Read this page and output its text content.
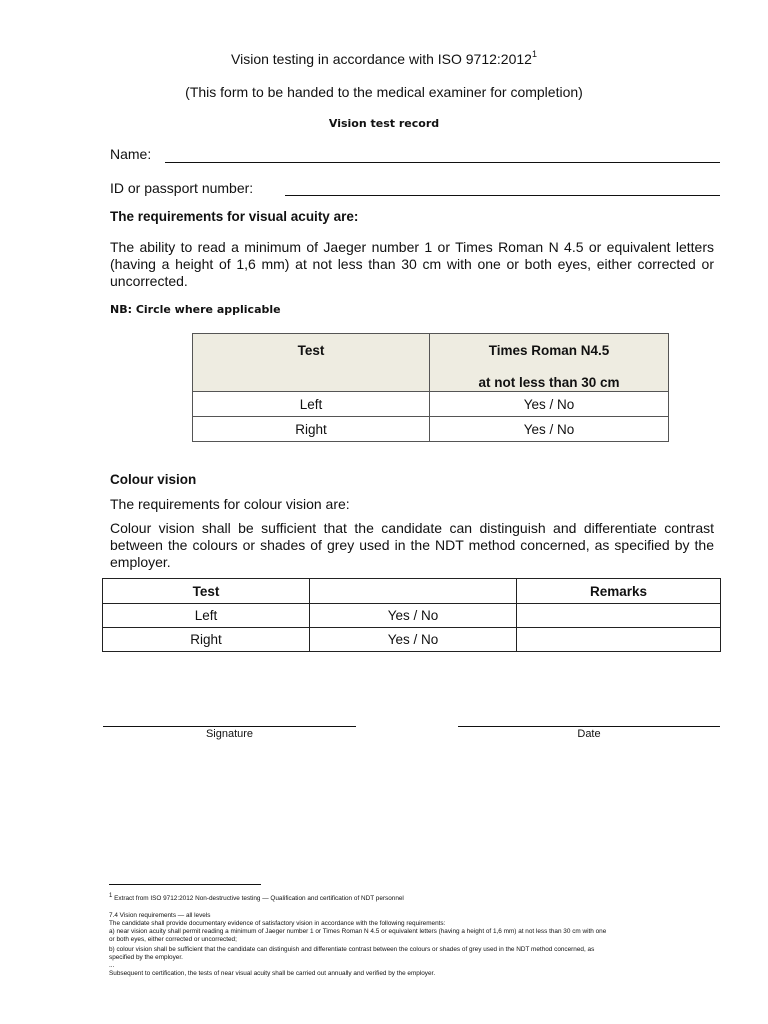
Vision testing in accordance with ISO 9712:2012$^1$
(This form to be handed to the medical examiner for completion)
Vision test record
Name:
ID or passport number:
The requirements for visual acuity are:
The ability to read a minimum of Jaeger number 1 or Times Roman N 4.5 or equivalent letters (having a height of 1,6 mm) at not less than 30 cm with one or both eyes, either corrected or uncorrected.
NB: Circle where applicable
Test	Times Roman N4.5
at not less than 30 cm

Left	Yes / No
Right	Yes / No
Colour vision
The requirements for colour vision are:
Colour vision shall be sufficient that the candidate can distinguish and differentiate contrast between the colours or shades of grey used in the NDT method concerned, as specified by the employer.
Test		Remarks
Left	Yes / No	
Right	Yes / No	
Signature	Date
$^1$ Extract from ISO 9712:2012 Non-destructive testing — Qualification and certification of NDT personnel
7.4 Vision requirements — all levels
The candidate shall provide documentary evidence of satisfactory vision in accordance with the following requirements:
a) near vision acuity shall permit reading a minimum of Jaeger number 1 or Times Roman N 4.5 or equivalent letters (having a height of 1,6 mm) at not less than 30 cm with one
or both eyes, either corrected or uncorrected;
b) colour vision shall be sufficient that the candidate can distinguish and differentiate contrast between the colours or shades of grey used in the NDT method concerned, as
specified by the employer.
...
Subsequent to certification, the tests of near visual acuity shall be carried out annually and verified by the employer.
